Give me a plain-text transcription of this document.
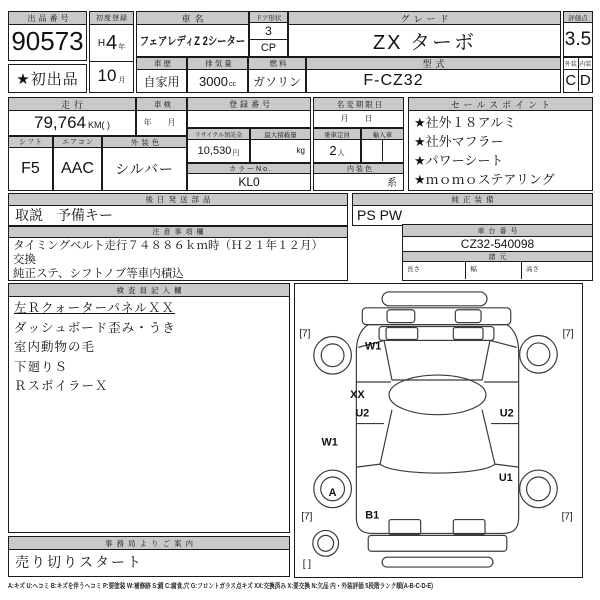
出品番号
90573
★初出品
初度登録
H 4 年
10 月
車名
フェアレディZ 2シーター
ドア形状
3
CP
グレード
ZX ターボ
評価点
3.5
車歴
自家用
排気量
3000 cc
燃料
ガソリン
型式
F-CZ32
外装 内装
C D
走行
79,764 KM( )
車検
年　月
登録番号
リサイクル預託金
10,530 円
最大積載量
kg
カラーNo.
KL0
シフト
F5
エアコン
AAC
外装色
シルバー
名変期限日
月　日
乗車定員
2 人
輸入車
内装色
系
セールスポイント
★社外１８アルミ
★社外マフラー
★パワーシート
★ｍｏｍｏステアリング
後日発送部品
取説　予備キー
純正装備
PS PW
注意事項欄
タイミングベルト走行７４８８６ｋｍ時（Ｈ２１年１２月）
交換
純正ステ、シフトノブ等車内積込
車台番号
CZ32-540098
諸元
長さ	幅	高さ
検査員記入欄
左ＲクォーターパネルＸＸ
ダッシュボード歪み・うき
室内動物の毛
下廻りＳ
ＲスポイラーＸ
事務局よりご案内
売り切りスタート
[7]	[7]
[7]	[7]
[ ]
W1
XX
U2	U2
W1
A
B1
U1
A:キズ U:ヘコミ B:キズを伴うヘコミ P:要塗装 W:補修跡 S:錆 C:腐食,穴 G:フロントガラス点キズ XX:交換済み X:要交換 N:欠品 内・外装評価 5段階ランク順(A-B-C-D-E)
